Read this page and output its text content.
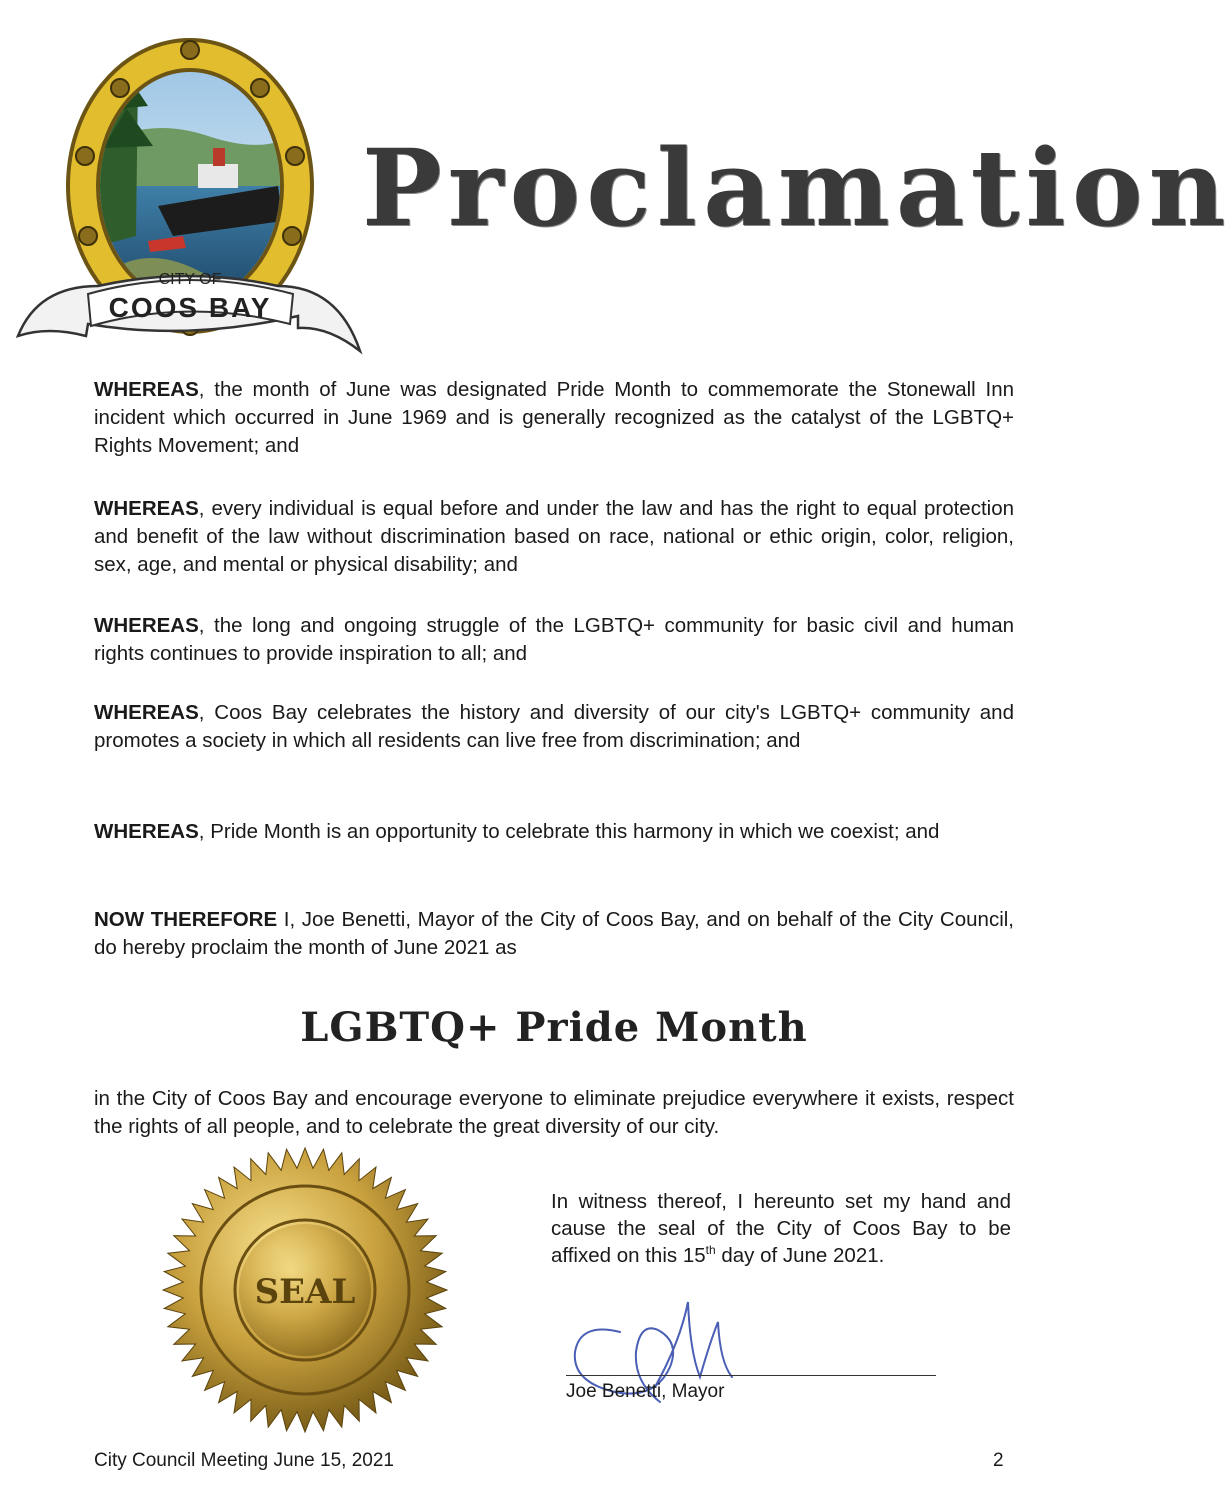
CITY OF
COOS BAY
Proclamation

WHEREAS, the month of June was designated Pride Month to commemorate the Stonewall Inn incident which occurred in June 1969 and is generally recognized as the catalyst of the LGBTQ+ Rights Movement; and

WHEREAS, every individual is equal before and under the law and has the right to equal protection and benefit of the law without discrimination based on race, national or ethic origin, color, religion, sex, age, and mental or physical disability; and

WHEREAS, the long and ongoing struggle of the LGBTQ+ community for basic civil and human rights continues to provide inspiration to all; and

WHEREAS, Coos Bay celebrates the history and diversity of our city's LGBTQ+ community and promotes a society in which all residents can live free from discrimination; and

WHEREAS, Pride Month is an opportunity to celebrate this harmony in which we coexist; and

NOW THEREFORE I, Joe Benetti, Mayor of the City of Coos Bay, and on behalf of the City Council, do hereby proclaim the month of June 2021 as

LGBTQ+ Pride Month

in the City of Coos Bay and encourage everyone to eliminate prejudice everywhere it exists, respect the rights of all people, and to celebrate the great diversity of our city.

SEAL

In witness thereof, I hereunto set my hand and cause the seal of the City of Coos Bay to be affixed on this 15th day of June 2021.

Joe Benetti, Mayor
City Council Meeting June 15, 2021	2
